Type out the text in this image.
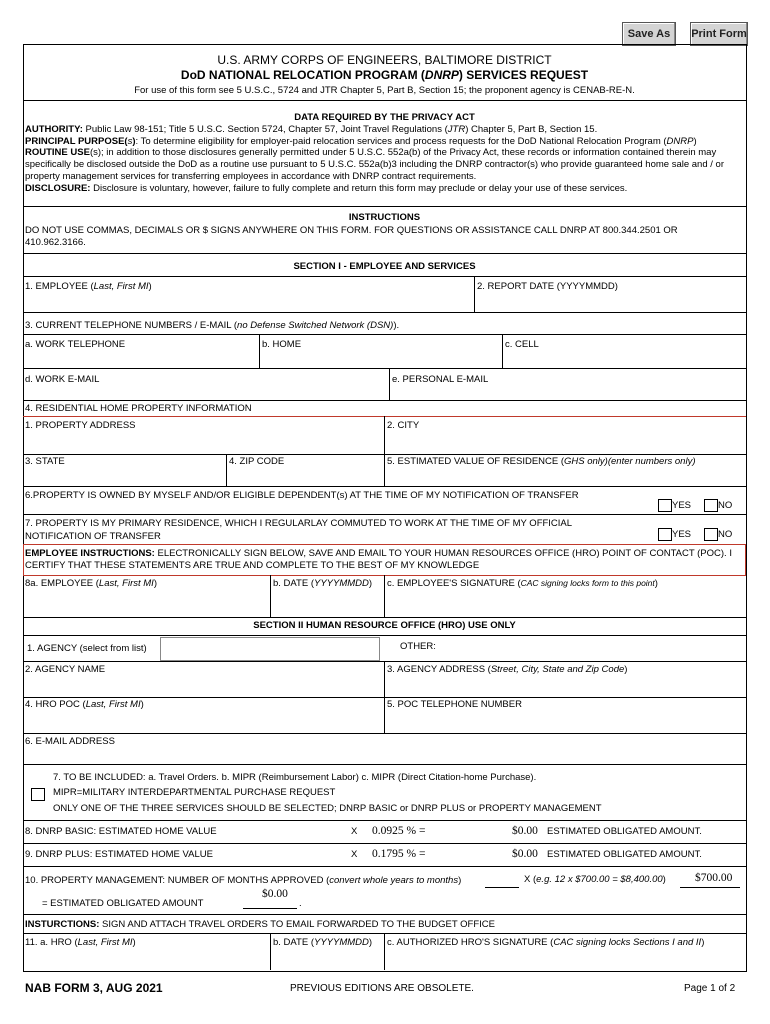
Save As	Print Form
U.S. ARMY CORPS OF ENGINEERS, BALTIMORE DISTRICT
DoD NATIONAL RELOCATION PROGRAM (DNRP) SERVICES REQUEST
For use of this form see 5 U.S.C., 5724 and JTR Chapter 5, Part B, Section 15; the proponent agency is CENAB-RE-N.
DATA REQUIRED BY THE PRIVACY ACT
AUTHORITY: Public Law 98-151; Title 5 U.S.C. Section 5724, Chapter 57, Joint Travel Regulations (JTR) Chapter 5, Part B, Section 15.
PRINCIPAL PURPOSE(s): To determine eligibility for employer-paid relocation services and process requests for the DoD National Relocation Program (DNRP)
ROUTINE USE(s); in addition to those disclosures generally permitted under 5 U.S.C. 552a(b) of the Privacy Act, these records or information contained therein may specifically be disclosed outside the DoD as a routine use pursuant to 5 U.S.C. 552a(b)3 including the DNRP contractor(s) who provide guaranteed home sale and / or property management services for transferring employees in accordance with DNRP contract requirements.
DISCLOSURE: Disclosure is voluntary, however, failure to fully complete and return this form may preclude or delay your use of these services.
INSTRUCTIONS
DO NOT USE COMMAS, DECIMALS OR $ SIGNS ANYWHERE ON THIS FORM. FOR QUESTIONS OR ASSISTANCE CALL DNRP AT 800.344.2501 OR 410.962.3166.
SECTION I - EMPLOYEE AND SERVICES
1. EMPLOYEE (Last, First MI)	2. REPORT DATE (YYYYMMDD)
3. CURRENT TELEPHONE NUMBERS / E-MAIL (no Defense Switched Network (DSN)).
a. WORK TELEPHONE	b. HOME	c. CELL
d. WORK E-MAIL	e. PERSONAL E-MAIL
4. RESIDENTIAL HOME PROPERTY INFORMATION
1. PROPERTY ADDRESS	2. CITY
3. STATE	4. ZIP CODE	5. ESTIMATED VALUE OF RESIDENCE (GHS only)(enter numbers only)
6.PROPERTY IS OWNED BY MYSELF AND/OR ELIGIBLE DEPENDENT(s) AT THE TIME OF MY NOTIFICATION OF TRANSFER
YES	NO
7. PROPERTY IS MY PRIMARY RESIDENCE, WHICH I REGULARLAY COMMUTED TO WORK AT THE TIME OF MY OFFICIAL
NOTIFICATION OF TRANSFER	YES	NO
EMPLOYEE INSTRUCTIONS: ELECTRONICALLY SIGN BELOW, SAVE AND EMAIL TO YOUR HUMAN RESOURCES OFFICE (HRO) POINT OF CONTACT (POC). I CERTIFY THAT THESE STATEMENTS ARE TRUE AND COMPLETE TO THE BEST OF MY KNOWLEDGE
8a. EMPLOYEE (Last, First MI)	b. DATE (YYYYMMDD) c. EMPLOYEE'S SIGNATURE (CAC signing locks form to this point)
SECTION II HUMAN RESOURCE OFFICE (HRO) USE ONLY
1. AGENCY (select from list)	OTHER:
2. AGENCY NAME	3. AGENCY ADDRESS (Street, City, State and Zip Code)
4. HRO POC (Last, First MI)	5. POC TELEPHONE NUMBER
6. E-MAIL ADDRESS
7. TO BE INCLUDED: a. Travel Orders. b. MIPR (Reimbursement Labor) c. MIPR (Direct Citation-home Purchase).
MIPR=MILITARY INTERDEPARTMENTAL PURCHASE REQUEST
ONLY ONE OF THE THREE SERVICES SHOULD BE SELECTED; DNRP BASIC or DNRP PLUS or PROPERTY MANAGEMENT
8. DNRP BASIC: ESTIMATED HOME VALUE	X 0.0925 % =	$0.00 ESTIMATED OBLIGATED AMOUNT.
9. DNRP PLUS: ESTIMATED HOME VALUE	X 0.1795 % =	$0.00 ESTIMATED OBLIGATED AMOUNT.
10. PROPERTY MANAGEMENT: NUMBER OF MONTHS APPROVED (convert whole years to months)	X (e.g. 12 x $700.00 = $8,400.00)	$700.00
$0.00
= ESTIMATED OBLIGATED AMOUNT	.
INSTURCTIONS: SIGN AND ATTACH TRAVEL ORDERS TO EMAIL FORWARDED TO THE BUDGET OFFICE
11. a. HRO (Last, First MI)	b. DATE (YYYYMMDD) c. AUTHORIZED HRO'S SIGNATURE (CAC signing locks Sections I and II)
NAB FORM 3, AUG 2021	PREVIOUS EDITIONS ARE OBSOLETE.	Page 1 of 2
